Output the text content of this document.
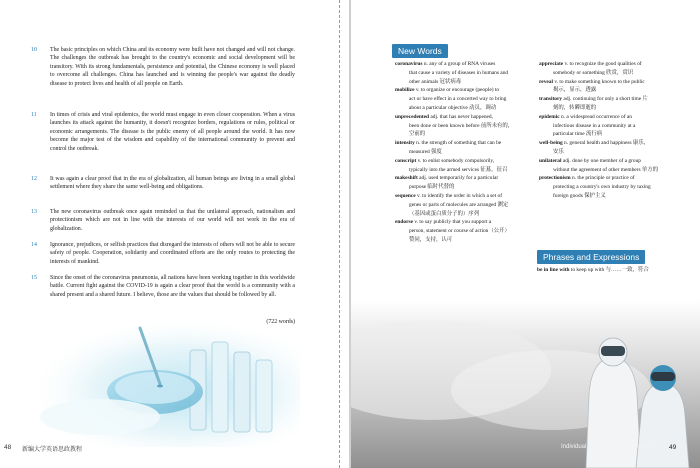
10 The basic principles on which China and its economy were built have not changed and will not change. The challenges the outbreak has brought to the country's economic and social development will be transitory. With its strong fundamentals, persistence and potential, the Chinese economy is well placed to overcome all challenges. China has launched and is winning the people's war against the deadly disease to protect lives and health of all people on Earth.
11 In times of crisis and viral epidemics, the world must engage in even closer cooperation. When a virus launches its attack against the humanity, it doesn't recognize borders, regulations or rules, political or economic arrangements. The disease is the public enemy of all people around the world. It has now become the major test of the wisdom and capability of the international community to prevent and control the outbreak.
12 It was again a clear proof that in the era of globalization, all human beings are living in a small global settlement where they share the same well-being and obligations.
13 The new coronavirus outbreak once again reminded us that the unilateral approach, nationalism and protectionism which are not in line with the interests of our world will not work in the era of globalization.
14 Ignorance, prejudices, or selfish practices that disregard the interests of others will not be able to secure safety of people. Cooperation, solidarity and coordinated efforts are the only routes to protecting the interests of mankind.
15 Since the onset of the coronavirus pneumonia, all nations have been working together in this worldwide battle. Current fight against the COVID-19 is again a clear proof that the world is a community with a shared present and a shared future. I believe, those are the values that should be followed by all.
48 新编大学英语思政教程
New Words
coronavirus n. any of a group of RNA viruses
that cause a variety of diseases in humans and
other animals 冠状病毒
mobilize v. to organize or encourage (people) to
act or have effect in a concerted way to bring
about a particular objective 动员，调动
unprecedented adj. that has never happened,
been done or been known before 前所未有的，
空前的
intensity n. the strength of something that can be
measured 强度
conscript v. to enlist somebody compulsorily,
typically into the armed services 征募，征召
makeshift adj. used temporarily for a particular
purpose 临时代替的
sequence v. to identify the order in which a set of
genes or parts of molecules are arranged 测定
（基因或蛋白质分子的）序列
endorse v. to say publicly that you support a
person, statement or course of action（公开）
赞同，支持，认可
appreciate v. to recognize the good qualities of
somebody or something 欣赏，赏识
reveal v. to make something known to the public
揭示，显示，透露
transitory adj. continuing for only a short time 片
刻的，转瞬即逝的
epidemic n. a widespread occurrence of an
infectious disease in a community at a
particular time 流行病
well-being n. general health and happiness 康乐，
安乐
unilateral adj. done by one member of a group
without the agreement of other members 单方的
protectionism n. the principle or practice of
protecting a country's own industry by taxing
foreign goods 保护主义
Phrases and Expressions
be in line with to keep up with 与……一致，符合
Individual and Society Unit 2	49
